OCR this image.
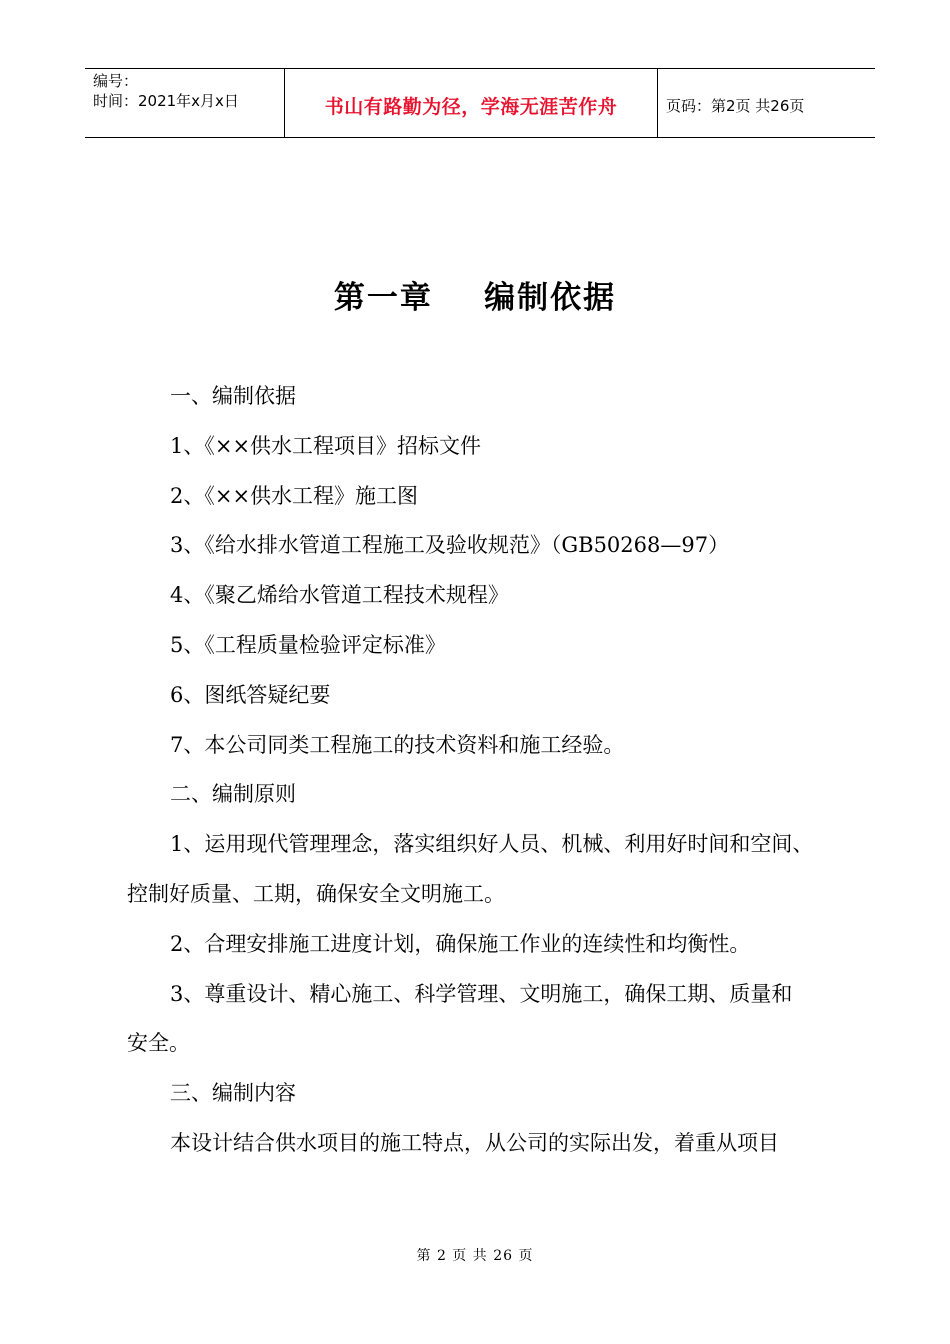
编号：
时间：2021年x月x日	书山有路勤为径，学海无涯苦作舟	页码：第2页 共26页
第一章    编制依据
一、编制依据
1、《××供水工程项目》招标文件
2、《××供水工程》施工图
3、《给水排水管道工程施工及验收规范》（GB50268—97）
4、《聚乙烯给水管道工程技术规程》
5、《工程质量检验评定标准》
6、图纸答疑纪要
7、本公司同类工程施工的技术资料和施工经验。
二、编制原则
1、运用现代管理理念，落实组织好人员、机械、利用好时间和空间、
控制好质量、工期，确保安全文明施工。
2、合理安排施工进度计划，确保施工作业的连续性和均衡性。
3、尊重设计、精心施工、科学管理、文明施工，确保工期、质量和
安全。
三、编制内容
本设计结合供水项目的施工特点，从公司的实际出发，着重从项目
第 2 页 共 26 页
